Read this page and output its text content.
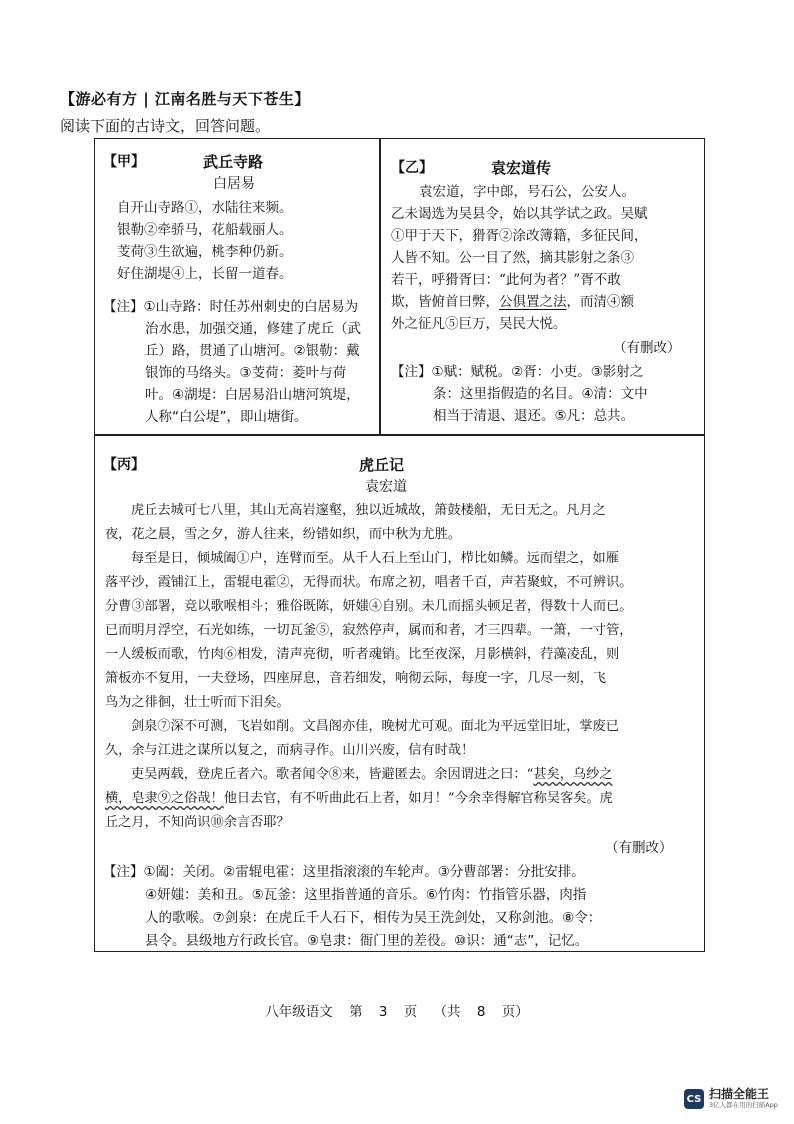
【游必有方 | 江南名胜与天下苍生】
阅读下面的古诗文，回答问题。
【甲】	武丘寺路
白居易
自开山寺路①，水陆往来频。
银勒②牵骄马，花船载丽人。
芰荷③生欲遍，桃李种仍新。
好住湖堤④上，长留一道春。
【注】①山寺路：时任苏州刺史的白居易为
治水患，加强交通，修建了虎丘（武
丘）路，贯通了山塘河。②银勒：戴
银饰的马络头。③芰荷：菱叶与荷
叶。④湖堤：白居易沿山塘河筑堤，
人称“白公堤”，即山塘街。
【乙】	袁宏道传
袁宏道，字中郎，号石公，公安人。
乙未谒选为吴县令，始以其学试之政。吴赋
①甲于天下，猾胥②涂改簿籍，多征民间，
人皆不知。公一目了然，摘其影射之条③
若干，呼猾胥曰：“此何为者？”胥不敢
欺，皆俯首曰弊，公俱置之法，而清④额
外之征凡⑤巨万，吴民大悦。
（有删改）
【注】①赋：赋税。②胥：小吏。③影射之
条：这里指假造的名目。④清：文中
相当于清退、退还。⑤凡：总共。
【丙】	虎丘记
袁宏道
虎丘去城可七八里，其山无高岩邃壑，独以近城故，箫鼓楼船，无日无之。凡月之
夜，花之晨，雪之夕，游人往来，纷错如织，而中秋为尤胜。
每至是日，倾城阖①户，连臂而至。从千人石上至山门，栉比如鳞。远而望之，如雁
落平沙，霞铺江上，雷辊电霍②，无得而状。布席之初，唱者千百，声若聚蚊，不可辨识。
分曹③部署，竞以歌喉相斗；雅俗既陈，妍媸④自别。未几而摇头顿足者，得数十人而已。
已而明月浮空，石光如练，一切瓦釜⑤，寂然停声，属而和者，才三四辈。一箫，一寸管，
一人缓板而歌，竹肉⑥相发，清声亮彻，听者魂销。比至夜深，月影横斜，荇藻凌乱，则
箫板亦不复用，一夫登场，四座屏息，音若细发，响彻云际，每度一字，几尽一刻，飞
鸟为之徘徊，壮士听而下泪矣。
剑泉⑦深不可测，飞岩如削。文昌阁亦佳，晚树尤可观。面北为平远堂旧址，掌废已
久，余与江进之谋所以复之，而病寻作。山川兴废，信有时哉！
吏吴两载，登虎丘者六。歌者闻令⑧来，皆避匿去。余因谓进之曰：“甚矣，乌纱之
横，皂隶⑨之俗哉！他日去官，有不听曲此石上者，如月！”今余幸得解官称吴客矣。虎
丘之月，不知尚识⑩余言否耶？
（有删改）
【注】①阖：关闭。②雷辊电霍：这里指滚滚的车轮声。③分曹部署：分批安排。
④妍媸：美和丑。⑤瓦釜：这里指普通的音乐。⑥竹肉：竹指管乐器，肉指
人的歌喉。⑦剑泉：在虎丘千人石下，相传为吴王洗剑处，又称剑池。⑧令：
县令。县级地方行政长官。⑨皂隶：衙门里的差役。⑩识：通“志”，记忆。
八年级语文 第 3 页 （共 8 页）
CS 扫描全能王
3亿人都在用的扫描App
